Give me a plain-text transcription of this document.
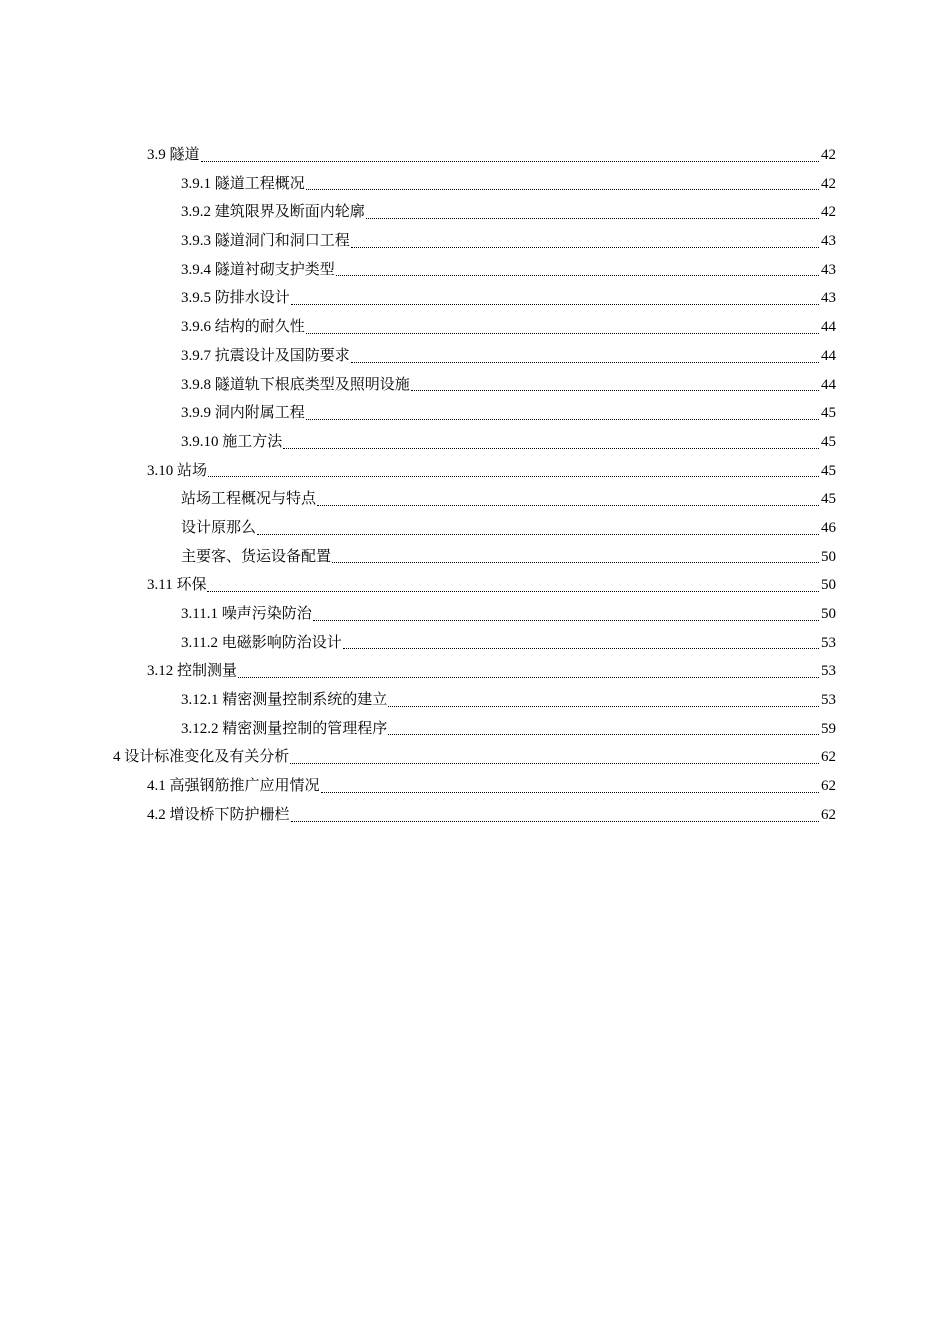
3.9 隧道	42
3.9.1 隧道工程概况	42
3.9.2 建筑限界及断面内轮廓	42
3.9.3 隧道洞门和洞口工程	43
3.9.4 隧道衬砌支护类型	43
3.9.5 防排水设计	43
3.9.6 结构的耐久性	44
3.9.7 抗震设计及国防要求	44
3.9.8 隧道轨下根底类型及照明设施	44
3.9.9 洞内附属工程	45
3.9.10 施工方法	45
3.10 站场	45
站场工程概况与特点	45
设计原那么	46
主要客、货运设备配置	50
3.11 环保	50
3.11.1 噪声污染防治	50
3.11.2 电磁影响防治设计	53
3.12 控制测量	53
3.12.1 精密测量控制系统的建立	53
3.12.2 精密测量控制的管理程序	59
4 设计标准变化及有关分析	62
4.1 高强钢筋推广应用情况	62
4.2 增设桥下防护栅栏	62
